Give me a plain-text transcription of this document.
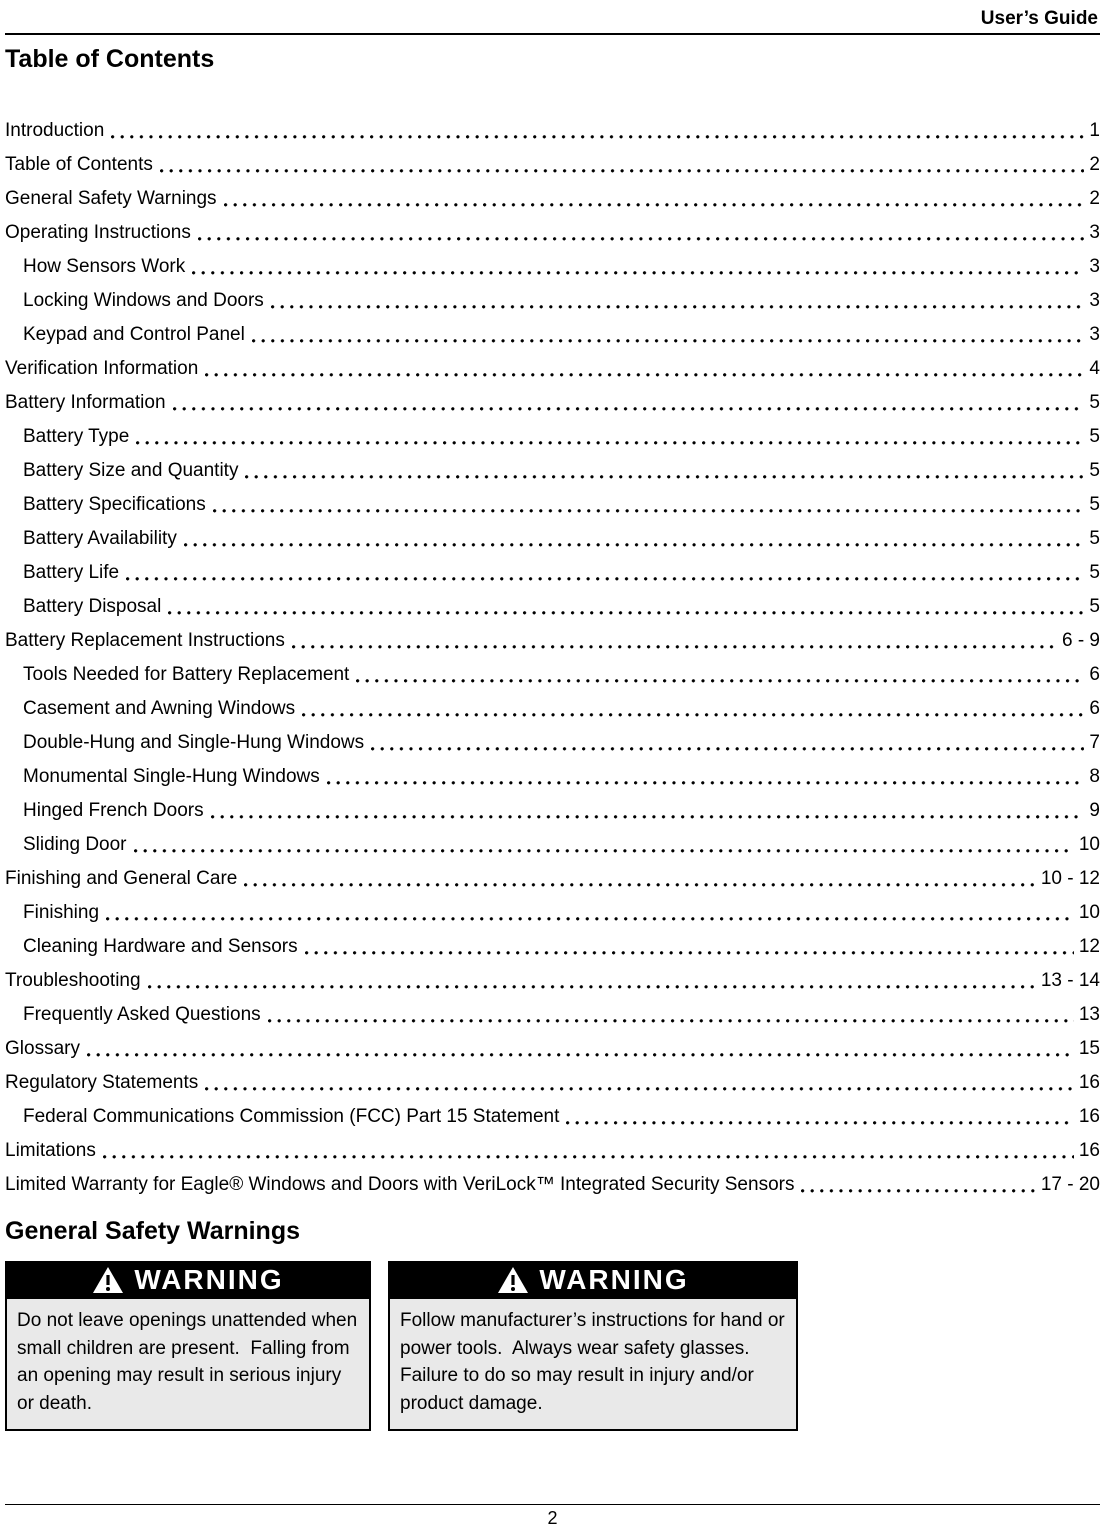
User’s Guide
Table of Contents
Introduction	1
Table of Contents	2
General Safety Warnings	2
Operating Instructions	3
How Sensors Work	3
Locking Windows and Doors	3
Keypad and Control Panel	3
Verification Information	4
Battery Information	5
Battery Type	5
Battery Size and Quantity	5
Battery Specifications	5
Battery Availability	5
Battery Life	5
Battery Disposal	5
Battery Replacement Instructions	6 - 9
Tools Needed for Battery Replacement	6
Casement and Awning Windows	6
Double-Hung and Single-Hung Windows	7
Monumental Single-Hung Windows	8
Hinged French Doors	9
Sliding Door	10
Finishing and General Care	10 - 12
Finishing	10
Cleaning Hardware and Sensors	12
Troubleshooting	13 - 14
Frequently Asked Questions	13
Glossary	15
Regulatory Statements	16
Federal Communications Commission (FCC) Part 15 Statement	16
Limitations	16
Limited Warranty for Eagle® Windows and Doors with VeriLock™ Integrated Security Sensors	17 - 20
General Safety Warnings
WARNING
Do not leave openings unattended when small children are present.  Falling from an opening may result in serious injury or death.
WARNING
Follow manufacturer’s instructions for hand or power tools.  Always wear safety glasses.  Failure to do so may result in injury and/or product damage.
2
